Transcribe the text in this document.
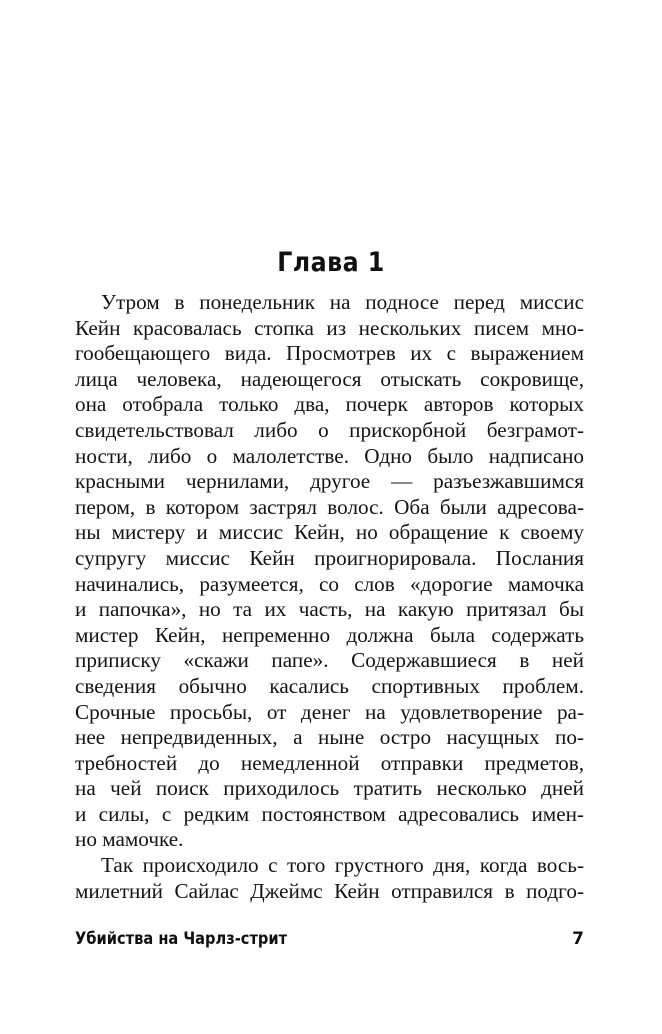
Глава 1
Утром в понедельник на подносе перед миссис
Кейн красовалась стопка из нескольких писем мно-
гообещающего вида. Просмотрев их с выражением
лица человека, надеющегося отыскать сокровище,
она отобрала только два, почерк авторов которых
свидетельствовал либо о прискорбной безграмот-
ности, либо о малолетстве. Одно было надписано
красными чернилами, другое — разъезжавшимся
пером, в котором застрял волос. Оба были адресова-
ны мистеру и миссис Кейн, но обращение к своему
супругу миссис Кейн проигнорировала. Послания
начинались, разумеется, со слов «дорогие мамочка
и папочка», но та их часть, на какую притязал бы
мистер Кейн, непременно должна была содержать
приписку «скажи папе». Содержавшиеся в ней
сведения обычно касались спортивных проблем.
Срочные просьбы, от денег на удовлетворение ра-
нее непредвиденных, а ныне остро насущных по-
требностей до немедленной отправки предметов,
на чей поиск приходилось тратить несколько дней
и силы, с редким постоянством адресовались имен-
но мамочке.
Так происходило с того грустного дня, когда вось-
милетний Сайлас Джеймс Кейн отправился в подго-
Убийства на Чарлз-стрит	7
